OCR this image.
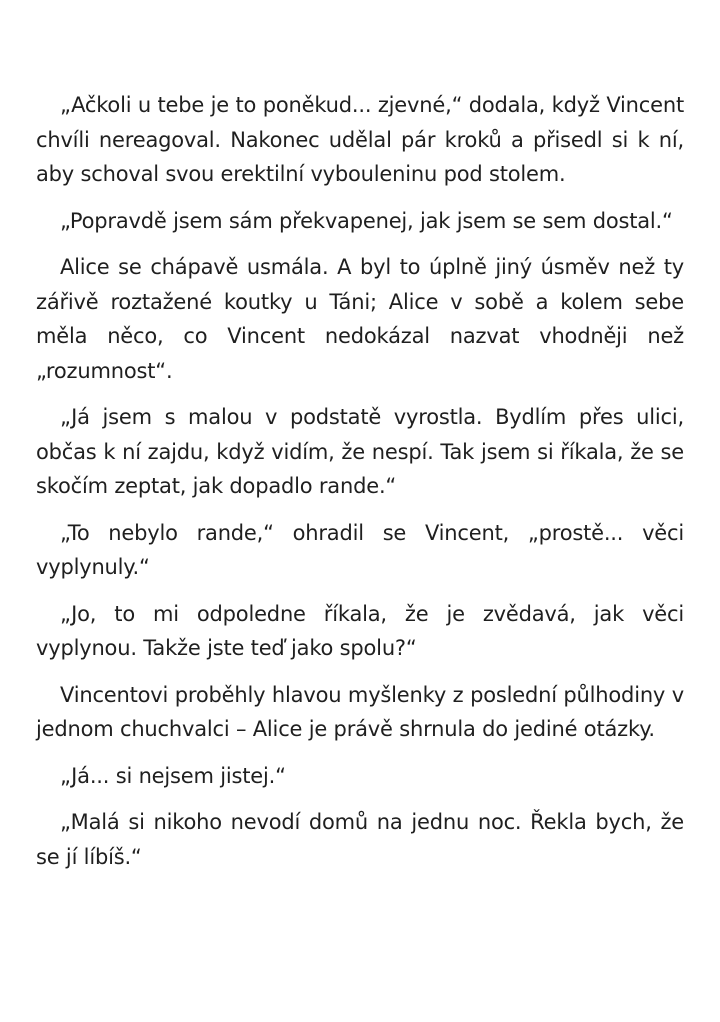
„Ačkoli u tebe je to poněkud... zjevné,“ dodala, když Vincent chvíli nereagoval. Nakonec udělal pár kroků a přisedl si k ní, aby schoval svou erektilní vybouleninu pod stolem.

„Popravdě jsem sám překvapenej, jak jsem se sem dostal.“

Alice se chápavě usmála. A byl to úplně jiný úsměv než ty zářivě roztažené koutky u Táni; Alice v sobě a kolem sebe měla něco, co Vincent nedokázal nazvat vhodněji než „rozumnost“.

„Já jsem s malou v podstatě vyrostla. Bydlím přes ulici, občas k ní zajdu, když vidím, že nespí. Tak jsem si říkala, že se skočím zeptat, jak dopadlo rande.“

„To nebylo rande,“ ohradil se Vincent, „prostě... věci vyplynuly.“

„Jo, to mi odpoledne říkala, že je zvědavá, jak věci vyplynou. Takže jste teď jako spolu?“

Vincentovi proběhly hlavou myšlenky z poslední půlhodiny v jednom chuchvalci – Alice je právě shrnula do jediné otázky.

„Já... si nejsem jistej.“

„Malá si nikoho nevodí domů na jednu noc. Řekla bych, že se jí líbíš.“
